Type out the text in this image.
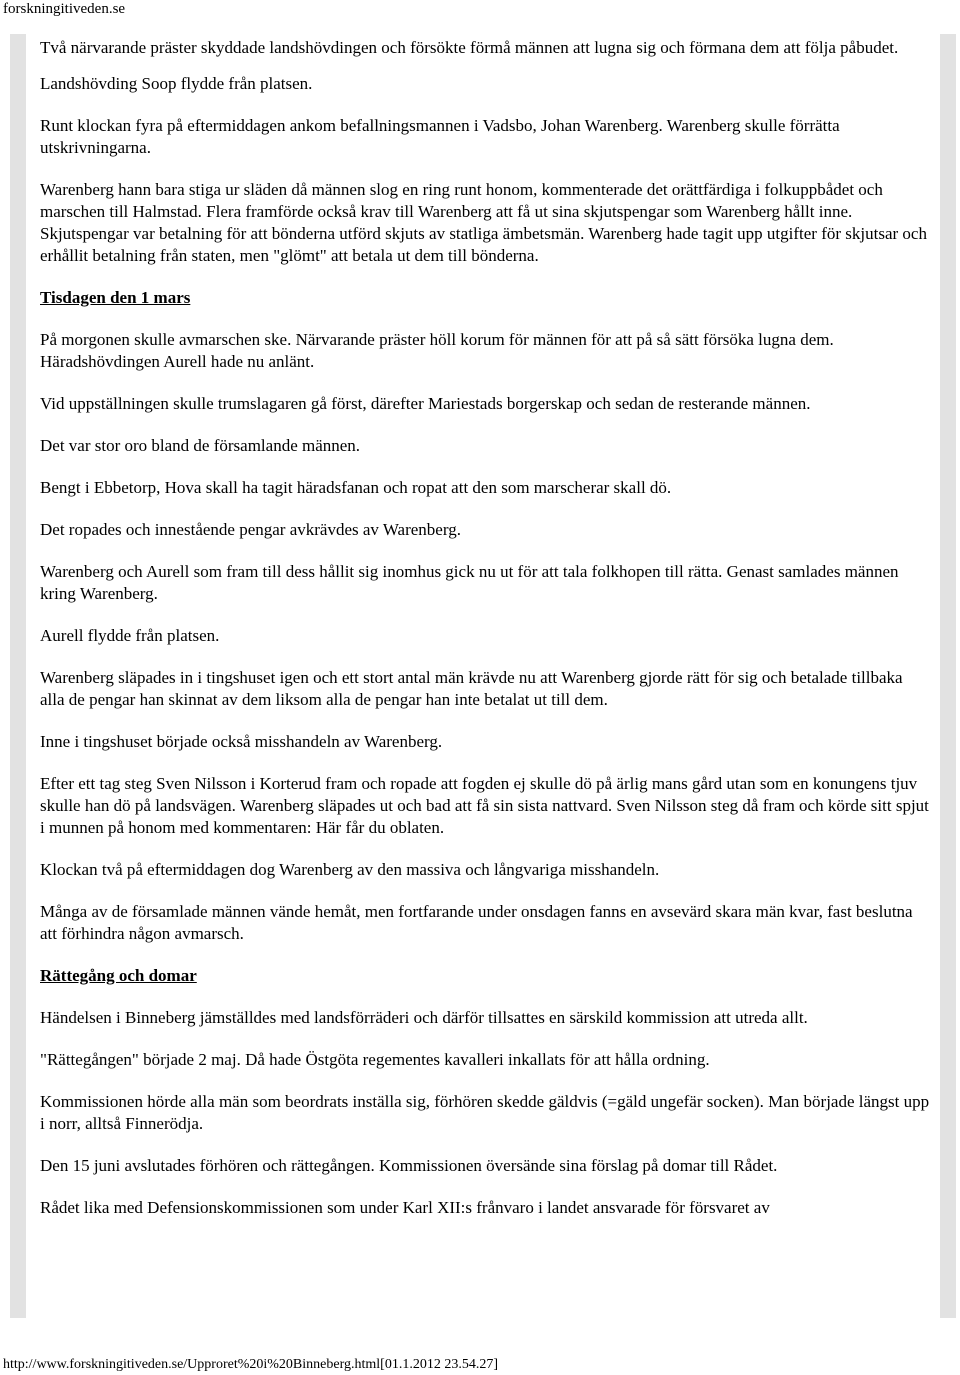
forskningitiveden.se

Två närvarande präster skyddade landshövdingen och försökte förmå männen att lugna sig och förmana dem att följa påbudet.

Landshövding Soop flydde från platsen.

Runt klockan fyra på eftermiddagen ankom befallningsmannen i Vadsbo, Johan Warenberg. Warenberg skulle förrätta utskrivningarna.

Warenberg hann bara stiga ur släden då männen slog en ring runt honom, kommenterade det orättfärdiga i folkuppbådet och marschen till Halmstad. Flera framförde också krav till Warenberg att få ut sina skjutspengar som Warenberg hållt inne. Skjutspengar var betalning för att bönderna utförd skjuts av statliga ämbetsmän. Warenberg hade tagit upp utgifter för skjutsar och erhållit betalning från staten, men "glömt" att betala ut dem till bönderna.

Tisdagen den 1 mars

På morgonen skulle avmarschen ske. Närvarande präster höll korum för männen för att på så sätt försöka lugna dem. Häradshövdingen Aurell hade nu anlänt.

Vid uppställningen skulle trumslagaren gå först, därefter Mariestads borgerskap och sedan de resterande männen.

Det var stor oro bland de församlande männen.

Bengt i Ebbetorp, Hova skall ha tagit häradsfanan och ropat att den som marscherar skall dö.

Det ropades och innestående pengar avkrävdes av Warenberg.

Warenberg och Aurell som fram till dess hållit sig inomhus gick nu ut för att tala folkhopen till rätta. Genast samlades männen kring Warenberg.

Aurell flydde från platsen.

Warenberg släpades in i tingshuset igen och ett stort antal män krävde nu att Warenberg gjorde rätt för sig och betalade tillbaka alla de pengar han skinnat av dem liksom alla de pengar han inte betalat ut till dem.

Inne i tingshuset började också misshandeln av Warenberg.

Efter ett tag steg Sven Nilsson i Korterud fram och ropade att fogden ej skulle dö på ärlig mans gård utan som en konungens tjuv skulle han dö på landsvägen. Warenberg släpades ut och bad att få sin sista nattvard. Sven Nilsson steg då fram och körde sitt spjut i munnen på honom med kommentaren: Här får du oblaten.

Klockan två på eftermiddagen dog Warenberg av den massiva och långvariga misshandeln.

Många av de församlade männen vände hemåt, men fortfarande under onsdagen fanns en avsevärd skara män kvar, fast beslutna att förhindra någon avmarsch.

Rättegång och domar

Händelsen i Binneberg jämställdes med landsförräderi och därför tillsattes en särskild kommission att utreda allt.

"Rättegången" började 2 maj. Då hade Östgöta regementes kavalleri inkallats för att hålla ordning.

Kommissionen hörde alla män som beordrats inställa sig, förhören skedde gäldvis (=gäld ungefär socken). Man började längst upp i norr, alltså Finnerödja.

Den 15 juni avslutades förhören och rättegången. Kommissionen översände sina förslag på domar till Rådet.

Rådet lika med Defensionskommissionen som under Karl XII:s frånvaro i landet ansvarade för försvaret av

http://www.forskningitiveden.se/Upproret%20i%20Binneberg.html[01.1.2012 23.54.27]
